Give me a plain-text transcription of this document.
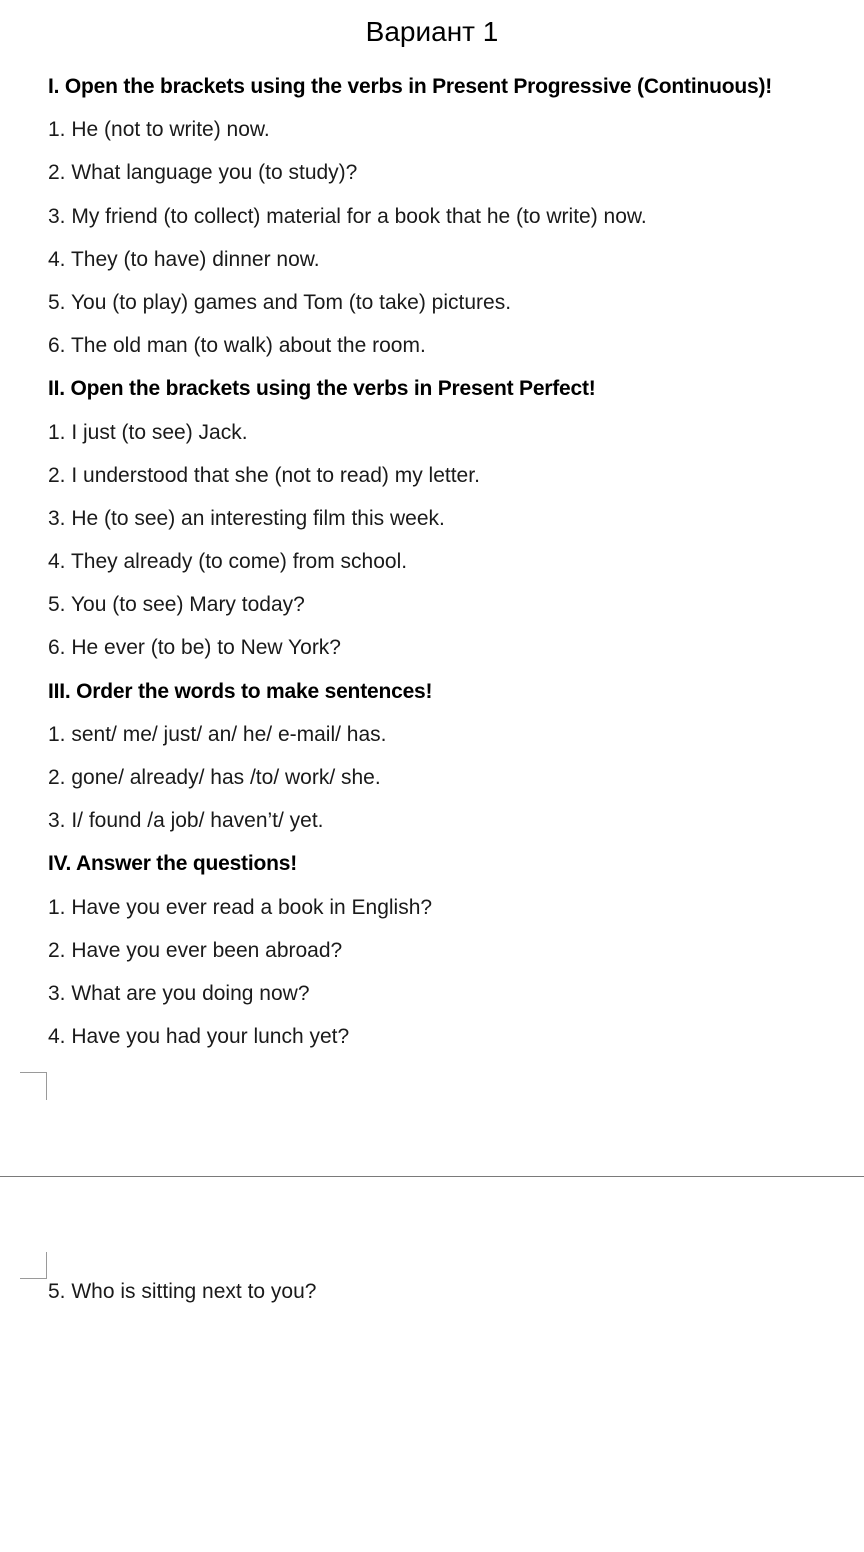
Вариант 1
I. Open the brackets using the verbs in Present Progressive (Continuous)!
1. He (not to write) now.
2. What language you (to study)?
3. My friend (to collect) material for a book that he (to write) now.
4. They (to have) dinner now.
5. You (to play) games and Tom (to take) pictures.
6. The old man (to walk) about the room.
II. Open the brackets using the verbs in Present Perfect!
1. I just (to see) Jack.
2. I understood that she (not to read) my letter.
3. He (to see) an interesting film this week.
4. They already (to come) from school.
5. You (to see) Mary today?
6. He ever (to be) to New York?
III. Order the words to make sentences!
1. sent/ me/ just/ an/ he/ e-mail/ has.
2. gone/ already/ has /to/ work/ she.
3. I/ found /a job/ haven’t/ yet.
IV. Answer the questions!
1. Have you ever read a book in English?
2. Have you ever been abroad?
3. What are you doing now?
4. Have you had your lunch yet?
5. Who is sitting next to you?
